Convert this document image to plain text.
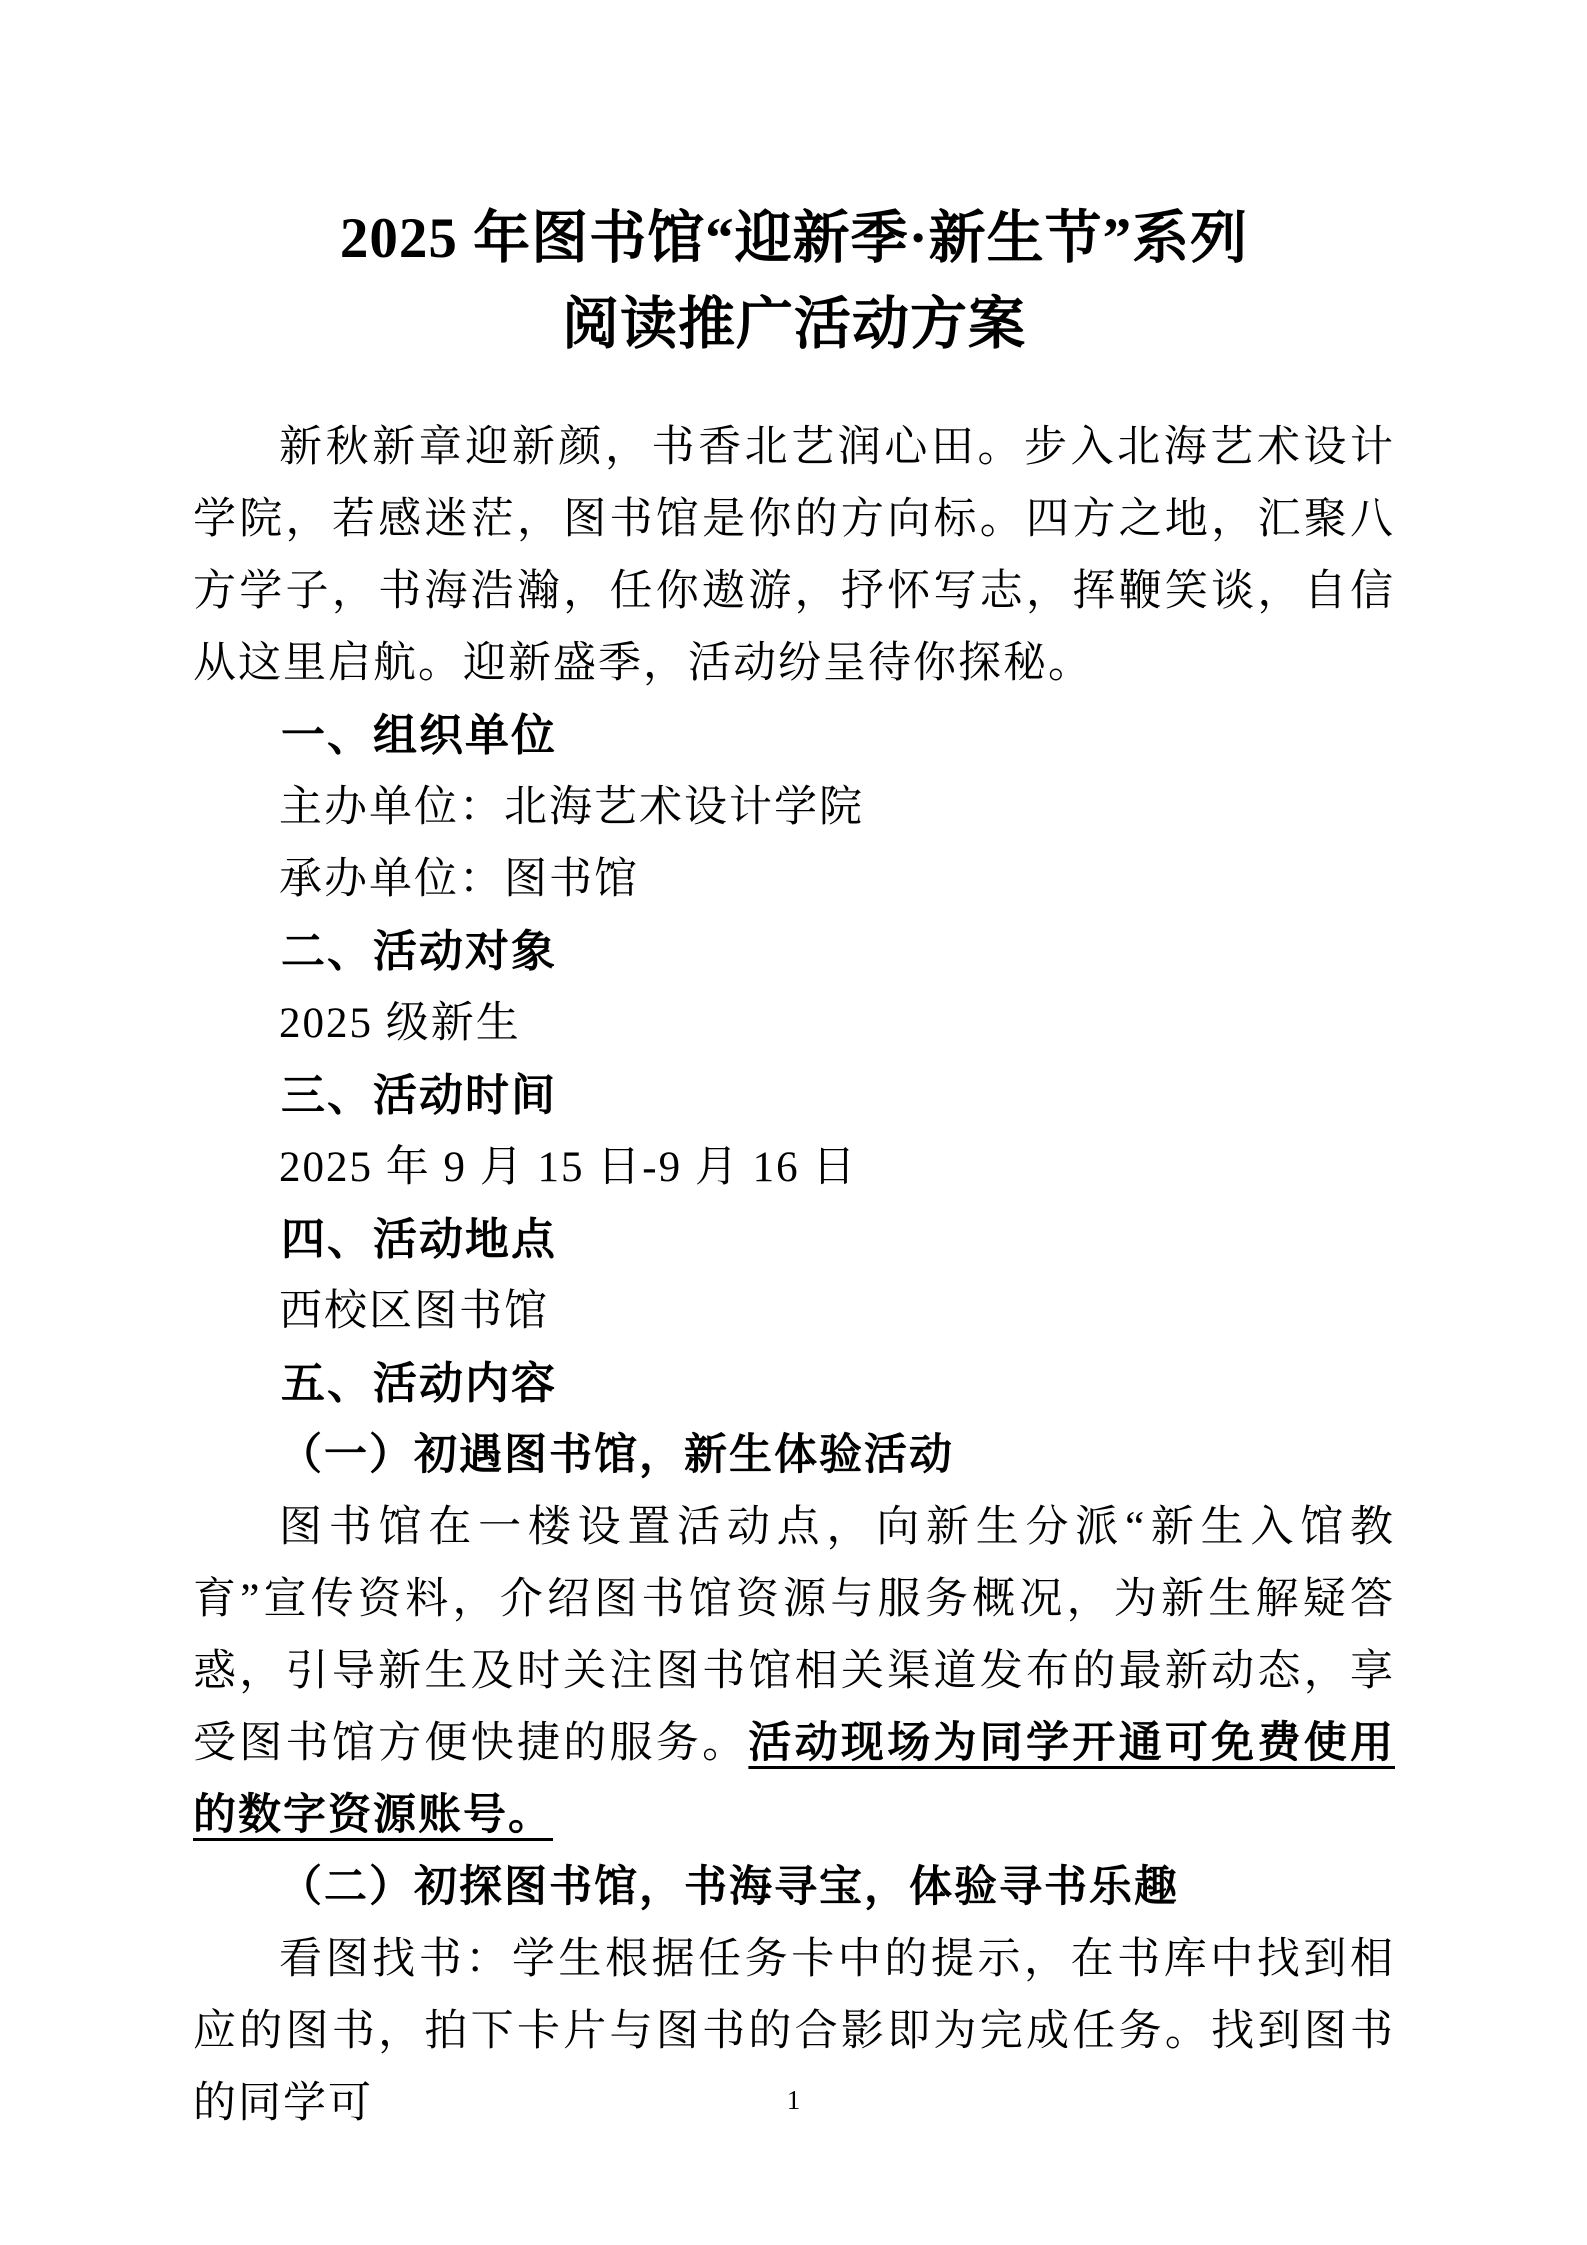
2025 年图书馆“迎新季·新生节”系列
阅读推广活动方案

新秋新章迎新颜，书香北艺润心田。步入北海艺术设计学院，若感迷茫，图书馆是你的方向标。四方之地，汇聚八方学子，书海浩瀚，任你遨游，抒怀写志，挥鞭笑谈，自信从这里启航。迎新盛季，活动纷呈待你探秘。

一、组织单位

主办单位：北海艺术设计学院

承办单位：图书馆

二、活动对象

2025 级新生

三、活动时间

2025 年 9 月 15 日-9 月 16 日

四、活动地点

西校区图书馆

五、活动内容
（一）初遇图书馆，新生体验活动

图书馆在一楼设置活动点，向新生分派“新生入馆教育”宣传资料，介绍图书馆资源与服务概况，为新生解疑答惑，引导新生及时关注图书馆相关渠道发布的最新动态，享受图书馆方便快捷的服务。活动现场为同学开通可免费使用的数字资源账号。

（二）初探图书馆，书海寻宝，体验寻书乐趣

看图找书：学生根据任务卡中的提示，在书库中找到相应的图书，拍下卡片与图书的合影即为完成任务。找到图书的同学可	1
